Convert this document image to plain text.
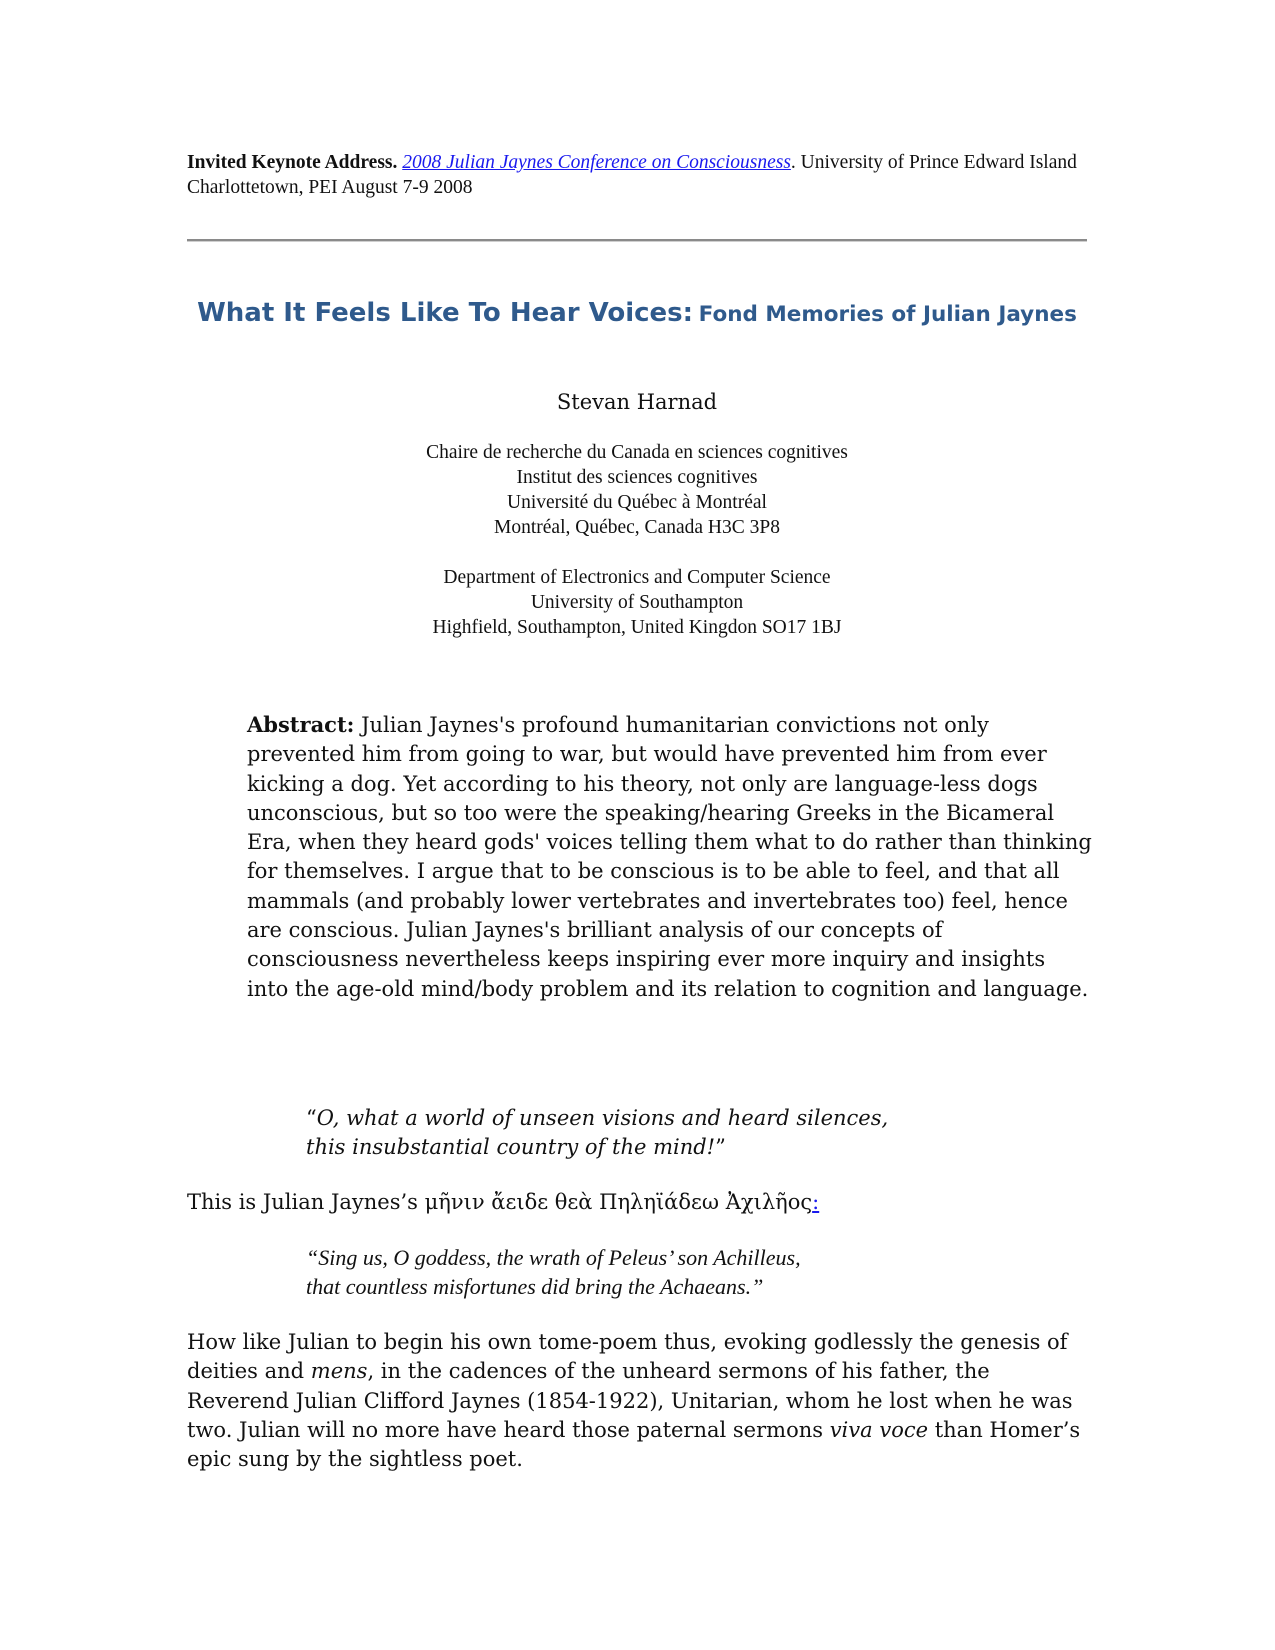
Invited Keynote Address. 2008 Julian Jaynes Conference on Consciousness. University of Prince Edward Island Charlottetown, PEI August 7-9 2008
What It Feels Like To Hear Voices: Fond Memories of Julian Jaynes
Stevan Harnad
Chaire de recherche du Canada en sciences cognitives
Institut des sciences cognitives
Université du Québec à Montréal
Montréal, Québec, Canada H3C 3P8
Department of Electronics and Computer Science
University of Southampton
Highfield, Southampton, United Kingdon SO17 1BJ
Abstract: Julian Jaynes's profound humanitarian convictions not only prevented him from going to war, but would have prevented him from ever kicking a dog. Yet according to his theory, not only are language-less dogs unconscious, but so too were the speaking/hearing Greeks in the Bicameral Era, when they heard gods' voices telling them what to do rather than thinking for themselves. I argue that to be conscious is to be able to feel, and that all mammals (and probably lower vertebrates and invertebrates too) feel, hence are conscious. Julian Jaynes's brilliant analysis of our concepts of consciousness nevertheless keeps inspiring ever more inquiry and insights into the age-old mind/body problem and its relation to cognition and language.
“O, what a world of unseen visions and heard silences,
this insubstantial country of the mind!”
This is Julian Jaynes’s μῆνιν ἄειδε θεὰ Πηληϊάδεω Ἀχιλῆος:
“Sing us, O goddess, the wrath of Peleus’ son Achilleus,
that countless misfortunes did bring the Achaeans.”
How like Julian to begin his own tome-poem thus, evoking godlessly the genesis of deities and mens, in the cadences of the unheard sermons of his father, the Reverend Julian Clifford Jaynes (1854-1922), Unitarian, whom he lost when he was two. Julian will no more have heard those paternal sermons viva voce than Homer’s epic sung by the sightless poet.
